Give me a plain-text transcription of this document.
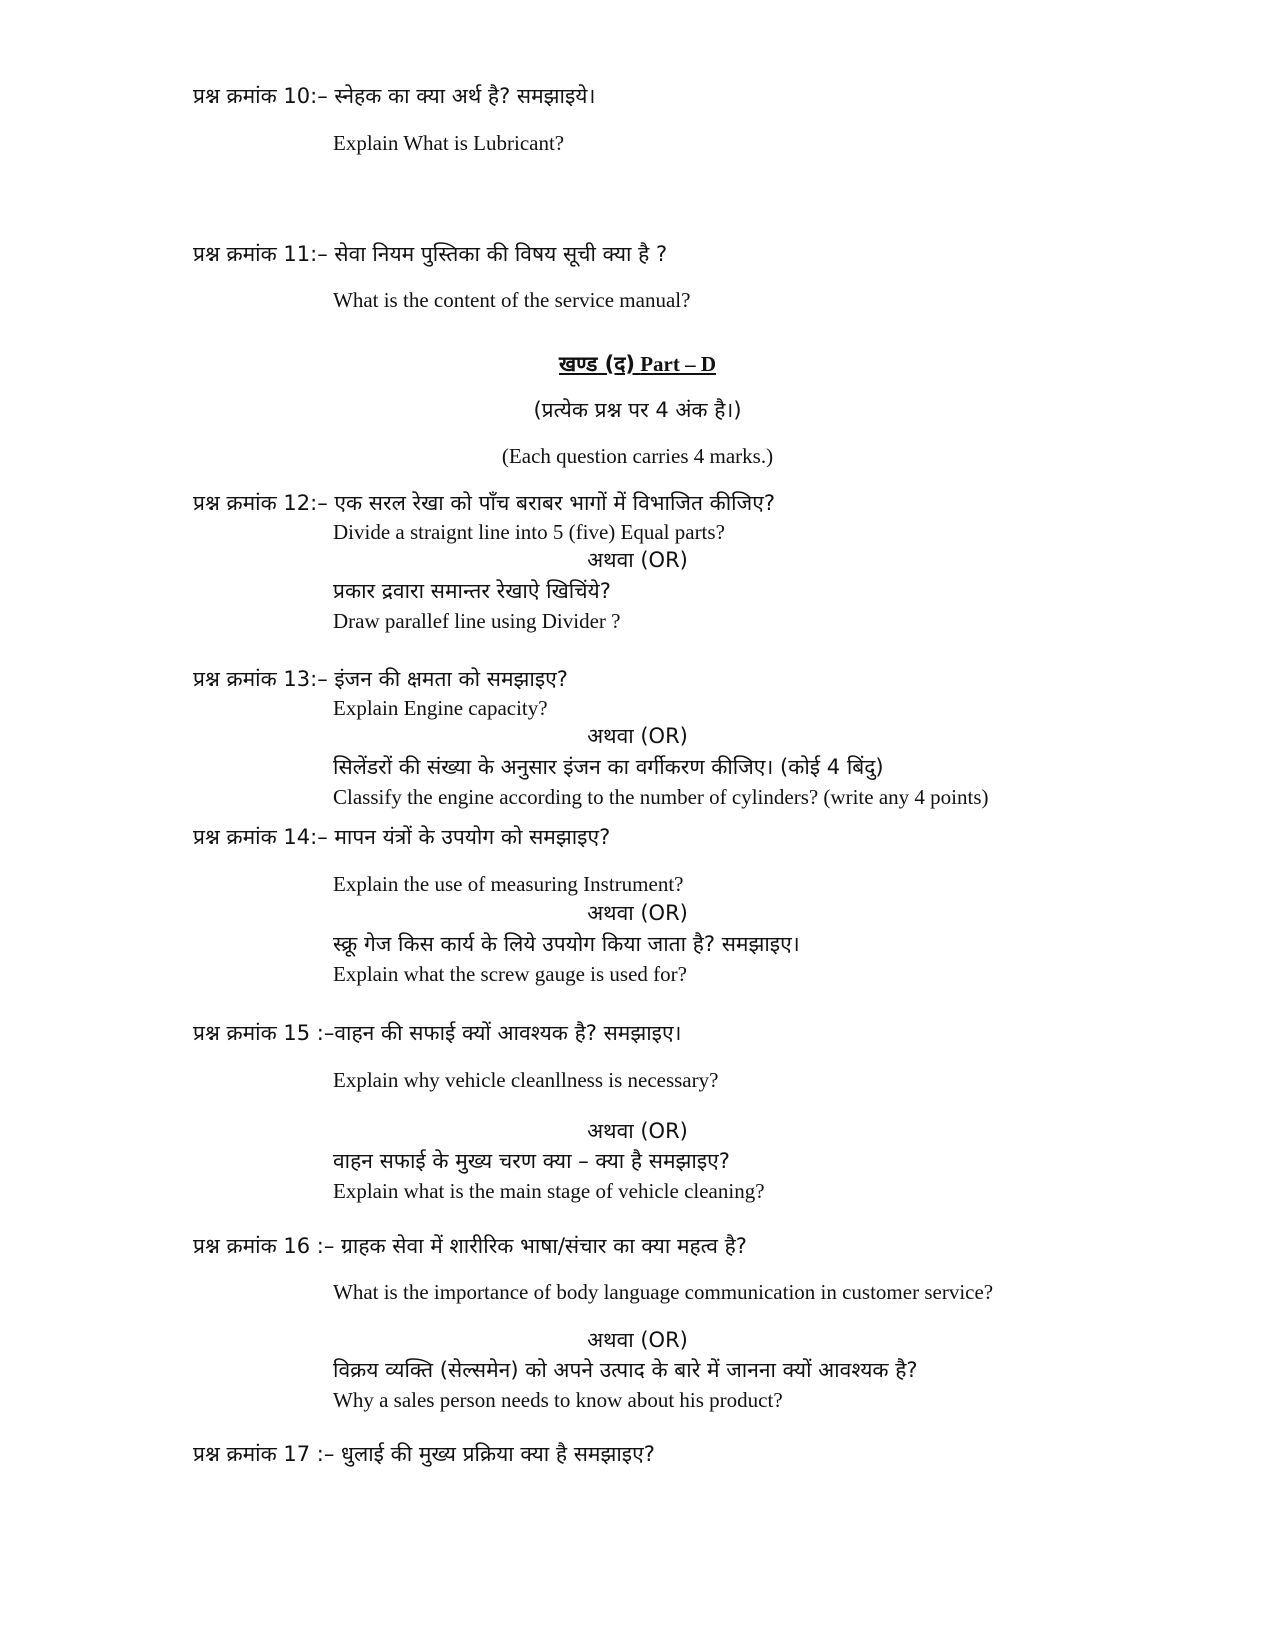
प्रश्न क्रमांक 10:– स्नेहक का क्या अर्थ है? समझाइये।
Explain What is Lubricant?
प्रश्न क्रमांक 11:– सेवा नियम पुस्तिका की विषय सूची क्या है ?
What is the content of the service manual?
खण्ड (द) Part – D
(प्रत्येक प्रश्न पर 4 अंक है।)
(Each question carries 4 marks.)
प्रश्न क्रमांक 12:– एक सरल रेखा को पाँच बराबर भागों में विभाजित कीजिए?
Divide a straignt line into 5 (five) Equal parts?
अथवा (OR)
प्रकार द्रवारा समान्तर रेखाऐ खिचिंये?
Draw parallef line using Divider ?
प्रश्न क्रमांक 13:– इंजन की क्षमता को समझाइए?
Explain Engine capacity?
अथवा (OR)
सिलेंडरों की संख्या के अनुसार इंजन का वर्गीकरण कीजिए। (कोई 4 बिंदु)
Classify the engine according to the number of cylinders? (write any 4 points)
प्रश्न क्रमांक 14:– मापन यंत्रों के उपयोग को समझाइए?
Explain the use of measuring Instrument?
अथवा (OR)
स्क्रू गेज किस कार्य के लिये उपयोग किया जाता है? समझाइए।
Explain what the screw gauge is used for?
प्रश्न क्रमांक 15 :–वाहन की सफाई क्यों आवश्यक है? समझाइए।
Explain why vehicle cleanllness is necessary?
अथवा (OR)
वाहन सफाई के मुख्य चरण क्या – क्या है समझाइए?
Explain what is the main stage of vehicle cleaning?
प्रश्न क्रमांक 16 :– ग्राहक सेवा में शारीरिक भाषा/संचार का क्या महत्व है?
What is the importance of body language communication in customer service?
अथवा (OR)
विक्रय व्यक्ति (सेल्समेन) को अपने उत्पाद के बारे में जानना क्यों आवश्यक है?
Why a sales person needs to know about his product?
प्रश्न क्रमांक 17 :– धुलाई की मुख्य प्रक्रिया क्या है समझाइए?
